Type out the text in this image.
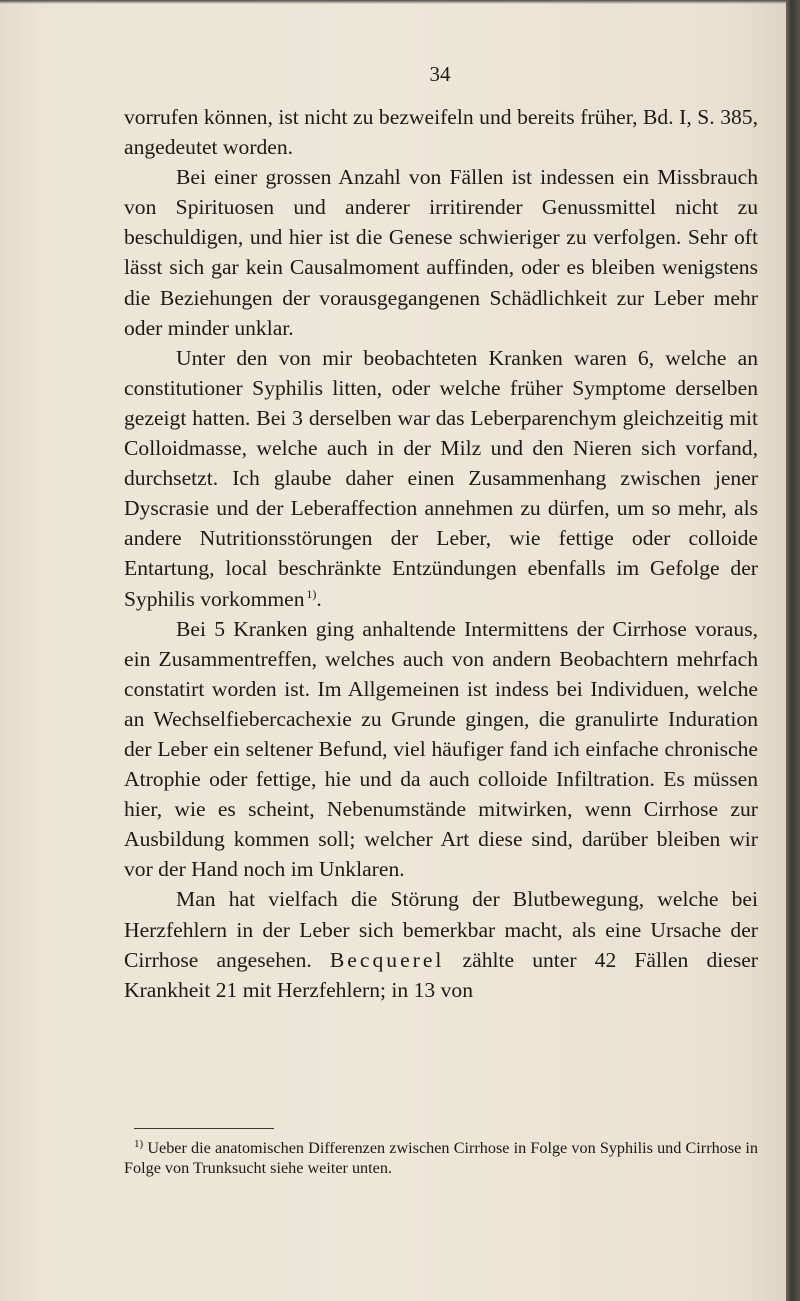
34

vorrufen können, ist nicht zu bezweifeln und bereits früher, Bd. I, S. 385, angedeutet worden.

Bei einer grossen Anzahl von Fällen ist indessen ein Missbrauch von Spirituosen und anderer irritirender Genussmittel nicht zu beschuldigen, und hier ist die Genese schwieriger zu verfolgen. Sehr oft lässt sich gar kein Causalmoment auffinden, oder es bleiben wenigstens die Beziehungen der vorausgegangenen Schädlichkeit zur Leber mehr oder minder unklar.

Unter den von mir beobachteten Kranken waren 6, welche an constitutioner Syphilis litten, oder welche früher Symptome derselben gezeigt hatten. Bei 3 derselben war das Leberparenchym gleichzeitig mit Colloidmasse, welche auch in der Milz und den Nieren sich vorfand, durchsetzt. Ich glaube daher einen Zusammenhang zwischen jener Dyscrasie und der Leberaffection annehmen zu dürfen, um so mehr, als andere Nutritionsstörungen der Leber, wie fettige oder colloide Entartung, local beschränkte Entzündungen ebenfalls im Gefolge der Syphilis vorkommen  $^{1)}$.

Bei 5 Kranken ging anhaltende Intermittens der Cirrhose voraus, ein Zusammentreffen, welches auch von andern Beobachtern mehrfach constatirt worden ist. Im Allgemeinen ist indess bei Individuen, welche an Wechselfiebercachexie zu Grunde gingen, die granulirte Induration der Leber ein seltener Befund, viel häufiger fand ich einfache chronische Atrophie oder fettige, hie und da auch colloide Infiltration. Es müssen hier, wie es scheint, Nebenumstände mitwirken, wenn Cirrhose zur Ausbildung kommen soll; welcher Art diese sind, darüber bleiben wir vor der Hand noch im Unklaren.

Man hat vielfach die Störung der Blutbewegung, welche bei Herzfehlern in der Leber sich bemerkbar macht, als eine Ursache der Cirrhose angesehen. Becquerel zählte unter 42 Fällen dieser Krankheit 21 mit Herzfehlern; in 13 von

$^{1)}$ Ueber die anatomischen Differenzen zwischen Cirrhose in Folge von Syphilis und Cirrhose in Folge von Trunksucht siehe weiter unten.
